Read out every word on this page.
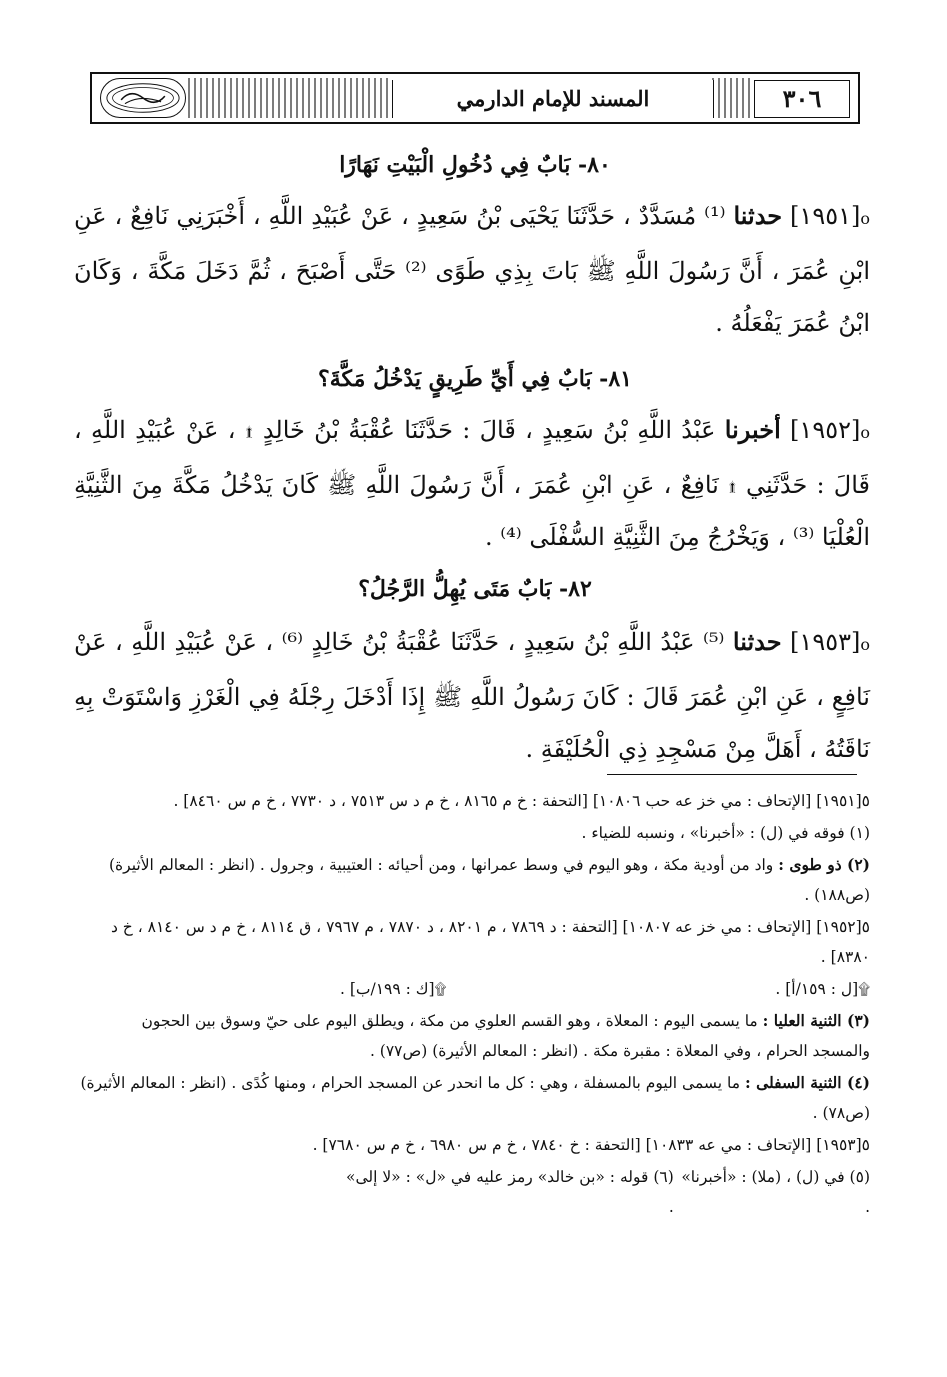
المسند للإمام الدارمي	٣٠٦
٨٠- بَابٌ فِي دُخُولِ الْبَيْتِ نَهَارًا
o[١٩٥١] حدثنا ⁽¹⁾ مُسَدَّدٌ ، حَدَّثَنَا يَحْيَى بْنُ سَعِيدٍ ، عَنْ عُبَيْدِ اللَّهِ ، أَخْبَرَنِي نَافِعٌ ، عَنِ ابْنِ عُمَرَ ، أَنَّ رَسُولَ اللَّهِ ﷺ بَاتَ بِذِي طَوًى ⁽²⁾ حَتَّى أَصْبَحَ ، ثُمَّ دَخَلَ مَكَّةَ ، وَكَانَ ابْنُ عُمَرَ يَفْعَلُهُ .
٨١- بَابٌ فِي أَيِّ طَرِيقٍ يَدْخُلُ مَكَّةَ؟
o[١٩٥٢] أخبرنا عَبْدُ اللَّهِ بْنُ سَعِيدٍ ، قَالَ : حَدَّثَنَا عُقْبَةُ بْنُ خَالِدٍ ۩ ، عَنْ عُبَيْدِ اللَّهِ ، قَالَ : حَدَّثَنِي ۩ نَافِعٌ ، عَنِ ابْنِ عُمَرَ ، أَنَّ رَسُولَ اللَّهِ ﷺ كَانَ يَدْخُلُ مَكَّةَ مِنَ الثَّنِيَّةِ الْعُلْيَا ⁽³⁾ ، وَيَخْرُجُ مِنَ الثَّنِيَّةِ السُّفْلَى ⁽⁴⁾ .
٨٢- بَابٌ مَتَى يُهِلُّ الرَّجُلُ؟
o[١٩٥٣] حدثنا ⁽⁵⁾ عَبْدُ اللَّهِ بْنُ سَعِيدٍ ، حَدَّثَنَا عُقْبَةُ بْنُ خَالِدٍ ⁽⁶⁾ ، عَنْ عُبَيْدِ اللَّهِ ، عَنْ نَافِعٍ ، عَنِ ابْنِ عُمَرَ قَالَ : كَانَ رَسُولُ اللَّهِ ﷺ إِذَا أَدْخَلَ رِجْلَهُ فِي الْغَرْزِ وَاسْتَوَتْ بِهِ نَاقَتُهُ ، أَهَلَّ مِنْ مَسْجِدِ ذِي الْحُلَيْفَةِ .
٥[١٩٥١] [الإتحاف : مي خز عه حب ١٠٨٠٦] [التحفة : خ م ٨١٦٥ ، خ م د س ٧٥١٣ ، د ٧٧٣٠ ، خ م س ٨٤٦٠] .
(١) فوقه في (ل) : «أخبرنا» ، ونسبه للضياء .
(٢) ذو طوى : واد من أودية مكة ، وهو اليوم في وسط عمرانها ، ومن أحيائه : العتيبية ، وجرول . (انظر : المعالم الأثيرة) (ص١٨٨) .
٥[١٩٥٢] [الإتحاف : مي خز عه ١٠٨٠٧] [التحفة : د ٧٨٦٩ ، م ٨٢٠١ ، د ٧٨٧٠ ، م ٧٩٦٧ ، ق ٨١١٤ ، خ م د س ٨١٤٠ ، خ د ٨٣٨٠] .
۩[ل : ١٥٩/أ] .
۩[ك : ١٩٩/ب] .
(٣) الثنية العليا : ما يسمى اليوم : المعلاة ، وهو القسم العلوي من مكة ، ويطلق اليوم على حيّ وسوق بين الحجون والمسجد الحرام ، وفي المعلاة : مقبرة مكة . (انظر : المعالم الأثيرة) (ص٧٧) .
(٤) الثنية السفلى : ما يسمى اليوم بالمسفلة ، وهي : كل ما انحدر عن المسجد الحرام ، ومنها كُدًى . (انظر : المعالم الأثيرة) (ص٧٨) .
٥[١٩٥٣] [الإتحاف : مي عه ١٠٨٣٣] [التحفة : خ ٧٨٤٠ ، خ م س ٦٩٨٠ ، خ م س ٧٦٨٠] .
(٥) في (ل) ، (ملا) : «أخبرنا» .
(٦) قوله : «بن خالد» رمز عليه في «ل» : «لا إلى» .
